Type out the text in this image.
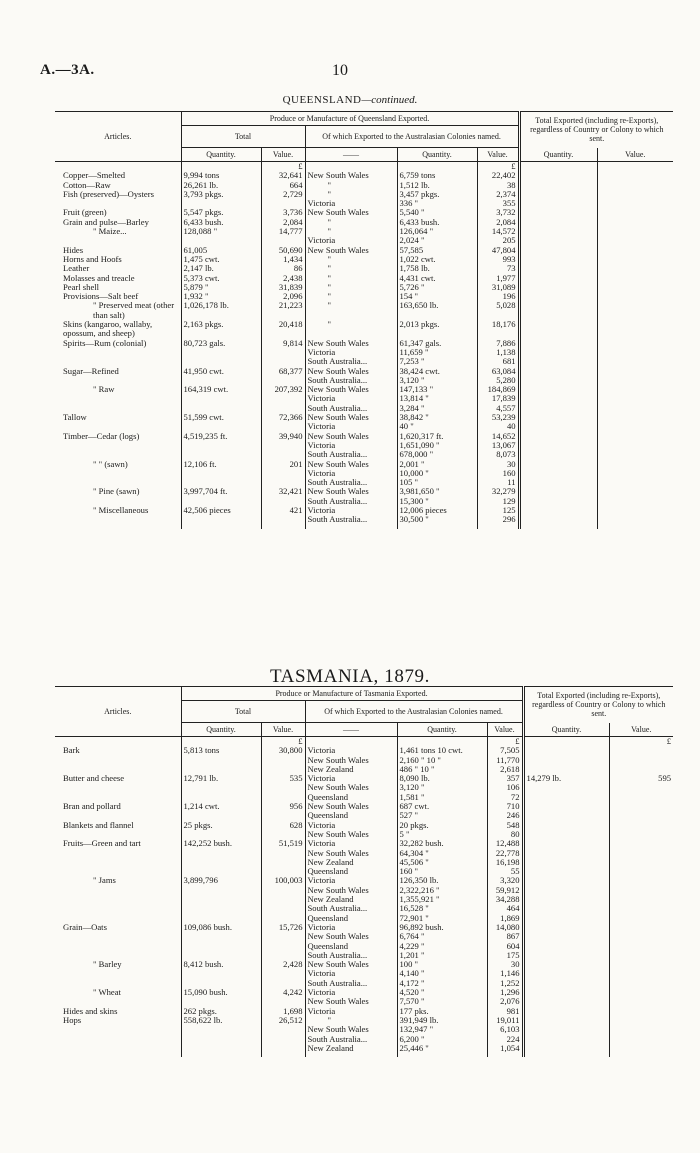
A.—3A.	10
QUEENSLAND—continued.
Articles.	Produce or Manufacture of Queensland Exported.					Total Exported (including re-Exports), regardless of Country or Colony to which sent.	
	Total		Of which Exported to the Australasian Colonies named.				
	Quantity.	Value.	——	Quantity.	Value.	Quantity.	Value.
		£			£		
Copper—Smelted	9,994 tons	32,641	New South Wales	6,759 tons	22,402		
Cotton—Raw	26,261 lb.	664	"	1,512 lb.	38		
Fish (preserved)—Oysters	3,793 pkgs.	2,729	"	3,457 pkgs.	2,374		
			Victoria	336 "	355		
Fruit (green)	5,547 pkgs.	3,736	New South Wales	5,540 "	3,732		
Grain and pulse—Barley	6,433 bush.	2,084	"	6,433 bush.	2,084		
" Maize...	128,088 "	14,777	"	126,064 "	14,572		
			Victoria	2,024 "	205		
Hides	61,005	50,690	New South Wales	57,585	47,804		
Horns and Hoofs	1,475 cwt.	1,434	"	1,022 cwt.	993		
Leather	2,147 lb.	86	"	1,758 lb.	73		
Molasses and treacle	5,373 cwt.	2,438	"	4,431 cwt.	1,977		
Pearl shell	5,879 "	31,839	"	5,726 "	31,089		
Provisions—Salt beef	1,932 "	2,096	"	154 "	196		
" Preserved meat (other than salt)	1,026,178 lb.	21,223	"	163,650 lb.	5,028		
Skins (kangaroo, wallaby, opossum, and sheep)	2,163 pkgs.	20,418	"	2,013 pkgs.	18,176		
Spirits—Rum (colonial)	80,723 gals.	9,814	New South Wales	61,347 gals.	7,886		
			Victoria	11,659 "	1,138		
			South Australia...	7,253 "	681		
Sugar—Refined	41,950 cwt.	68,377	New South Wales	38,424 cwt.	63,084		
			South Australia...	3,120 "	5,280		
" Raw	164,319 cwt.	207,392	New South Wales	147,133 "	184,869		
			Victoria	13,814 "	17,839		
			South Australia...	3,284 "	4,557		
Tallow	51,599 cwt.	72,366	New South Wales	38,842 "	53,239		
			Victoria	40 "	40		
Timber—Cedar (logs)	4,519,235 ft.	39,940	New South Wales	1,620,317 ft.	14,652		
			Victoria	1,651,090 "	13,067		
			South Australia...	678,000 "	8,073		
" " (sawn)	12,106 ft.	201	New South Wales	2,001 "	30		
			Victoria	10,000 "	160		
			South Australia...	105 "	11		
" Pine (sawn)	3,997,704 ft.	32,421	New South Wales	3,981,650 "	32,279		
			South Australia...	15,300 "	129		
" Miscellaneous	42,506 pieces	421	Victoria	12,006 pieces	125		
			South Australia...	30,500 "	296		

TASMANIA, 1879.
Articles.	Produce or Manufacture of Tasmania Exported.					Total Exported (including re-Exports), regardless of Country or Colony to which sent.	
	Total		Of which Exported to the Australasian Colonies named.				
	Quantity.	Value.	——	Quantity.	Value.	Quantity.	Value.
		£			£		£
Bark	5,813 tons	30,800	Victoria	1,461 tons 10 cwt.	7,505		
			New South Wales	2,160 " 10 "	11,770		
			New Zealand	486 " 10 "	2,618		
Butter and cheese	12,791 lb.	535	Victoria	8,090 lb.	357	14,279 lb.	595
			New South Wales	3,120 "	106		
			Queensland	1,581 "	72		
Bran and pollard	1,214 cwt.	956	New South Wales	687 cwt.	710		
			Queensland	527 "	246		
Blankets and flannel	25 pkgs.	628	Victoria	20 pkgs.	548		
			New South Wales	5 "	80		
Fruits—Green and tart	142,252 bush.	51,519	Victoria	32,282 bush.	12,488		
			New South Wales	64,304 "	22,778		
			New Zealand	45,506 "	16,198		
			Queensland	160 "	55		
" Jams	3,899,796	100,003	Victoria	126,350 lb.	3,320		
			New South Wales	2,322,216 "	59,912		
			New Zealand	1,355,921 "	34,288		
			South Australia...	16,528 "	464		
			Queensland	72,901 "	1,869		
Grain—Oats	109,086 bush.	15,726	Victoria	96,892 bush.	14,080		
			New South Wales	6,764 "	867		
			Queensland	4,229 "	604		
			South Australia...	1,201 "	175		
" Barley	8,412 bush.	2,428	New South Wales	100 "	30		
			Victoria	4,140 "	1,146		
			South Australia...	4,172 "	1,252		
" Wheat	15,090 bush.	4,242	Victoria	4,520 "	1,296		
			New South Wales	7,570 "	2,076		
Hides and skins	262 pkgs.	1,698	Victoria	177 pks.	981		
Hops	558,622 lb.	26,512	"	391,949 lb.	19,011		
			New South Wales	132,947 "	6,103		
			South Australia...	6,200 "	224		
			New Zealand	25,446 "	1,054		
